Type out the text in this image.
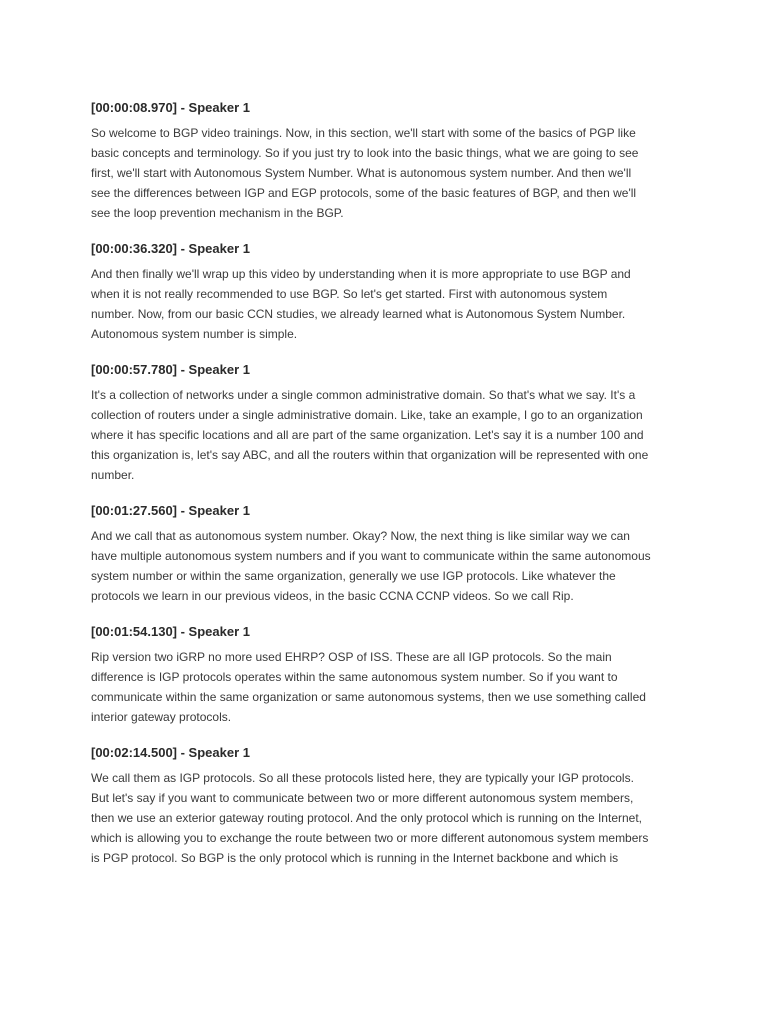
[00:00:08.970] - Speaker 1
So welcome to BGP video trainings. Now, in this section, we'll start with some of the basics of PGP like
basic concepts and terminology. So if you just try to look into the basic things, what we are going to see
first, we'll start with Autonomous System Number. What is autonomous system number. And then we'll
see the differences between IGP and EGP protocols, some of the basic features of BGP, and then we'll
see the loop prevention mechanism in the BGP.
[00:00:36.320] - Speaker 1
And then finally we'll wrap up this video by understanding when it is more appropriate to use BGP and
when it is not really recommended to use BGP. So let's get started. First with autonomous system
number. Now, from our basic CCN studies, we already learned what is Autonomous System Number.
Autonomous system number is simple.
[00:00:57.780] - Speaker 1
It's a collection of networks under a single common administrative domain. So that's what we say. It's a
collection of routers under a single administrative domain. Like, take an example, I go to an organization
where it has specific locations and all are part of the same organization. Let's say it is a number 100 and
this organization is, let's say ABC, and all the routers within that organization will be represented with one
number.
[00:01:27.560] - Speaker 1
And we call that as autonomous system number. Okay? Now, the next thing is like similar way we can
have multiple autonomous system numbers and if you want to communicate within the same autonomous
system number or within the same organization, generally we use IGP protocols. Like whatever the
protocols we learn in our previous videos, in the basic CCNA CCNP videos. So we call Rip.
[00:01:54.130] - Speaker 1
Rip version two iGRP no more used EHRP? OSP of ISS. These are all IGP protocols. So the main
difference is IGP protocols operates within the same autonomous system number. So if you want to
communicate within the same organization or same autonomous systems, then we use something called
interior gateway protocols.
[00:02:14.500] - Speaker 1
We call them as IGP protocols. So all these protocols listed here, they are typically your IGP protocols.
But let's say if you want to communicate between two or more different autonomous system members,
then we use an exterior gateway routing protocol. And the only protocol which is running on the Internet,
which is allowing you to exchange the route between two or more different autonomous system members
is PGP protocol. So BGP is the only protocol which is running in the Internet backbone and which is
